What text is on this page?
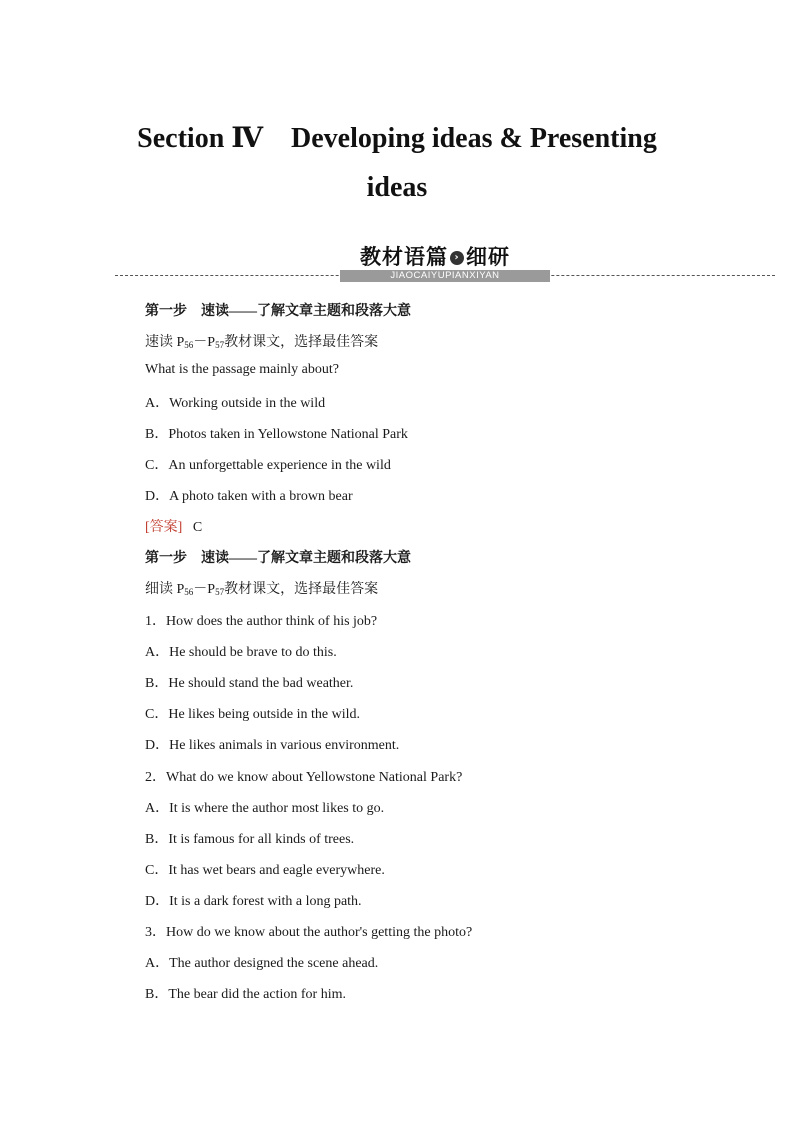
Section Ⅳ　Developing ideas & Presenting
ideas
教材语篇 › 细研
JIAOCAIYUPIANXIYAN
第一步　速读——了解文章主题和段落大意
速读 $P_{56}-P_{57}$教材课文，选择最佳答案
What is the passage mainly about?
A．Working outside in the wild
B．Photos taken in Yellowstone National Park
C．An unforgettable experience in the wild
D．A photo taken with a brown bear
[答案] C
第一步　速读——了解文章主题和段落大意
细读 $P_{56}-P_{57}$教材课文，选择最佳答案
1．How does the author think of his job?
A．He should be brave to do this.
B．He should stand the bad weather.
C．He likes being outside in the wild.
D．He likes animals in various environment.
2．What do we know about Yellowstone National Park?
A．It is where the author most likes to go.
B．It is famous for all kinds of trees.
C．It has wet bears and eagle everywhere.
D．It is a dark forest with a long path.
3．How do we know about the author's getting the photo?
A．The author designed the scene ahead.
B．The bear did the action for him.
